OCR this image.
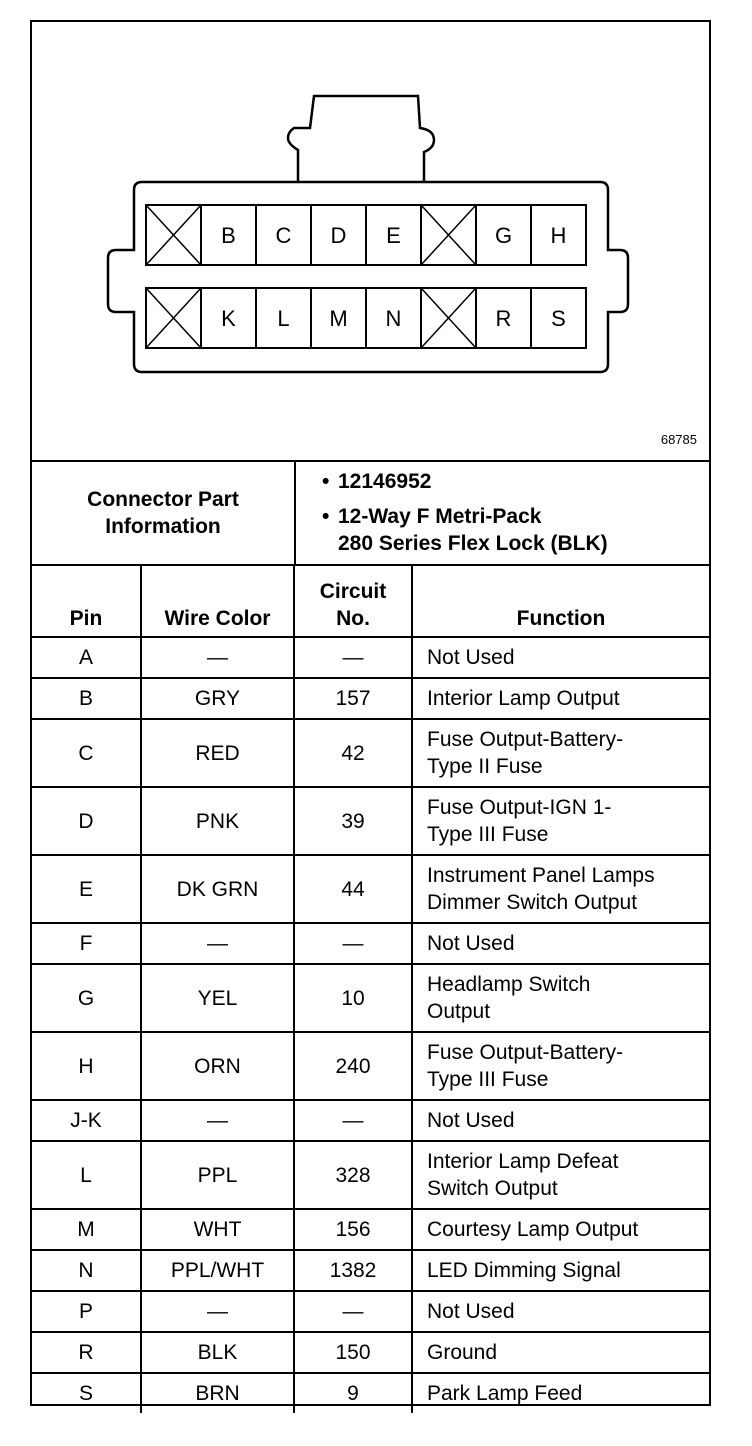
B C D E	G H
K L M N	R S
68785
Connector Part
Information
• 12146952
• 12-Way F Metri-Pack
280 Series Flex Lock (BLK)
Pin	Wire Color	Circuit
No.	Function
A	—	—	Not Used
B	GRY	157	Interior Lamp Output
C	RED	42	Fuse Output-Battery-
Type II Fuse
D	PNK	39	Fuse Output-IGN 1-
Type III Fuse
E	DK GRN	44	Instrument Panel Lamps
Dimmer Switch Output
F	—	—	Not Used
G	YEL	10	Headlamp Switch
Output
H	ORN	240	Fuse Output-Battery-
Type III Fuse
J-K	—	—	Not Used
L	PPL	328	Interior Lamp Defeat
Switch Output
M	WHT	156	Courtesy Lamp Output
N	PPL/WHT	1382	LED Dimming Signal
P	—	—	Not Used
R	BLK	150	Ground
S	BRN	9	Park Lamp Feed
